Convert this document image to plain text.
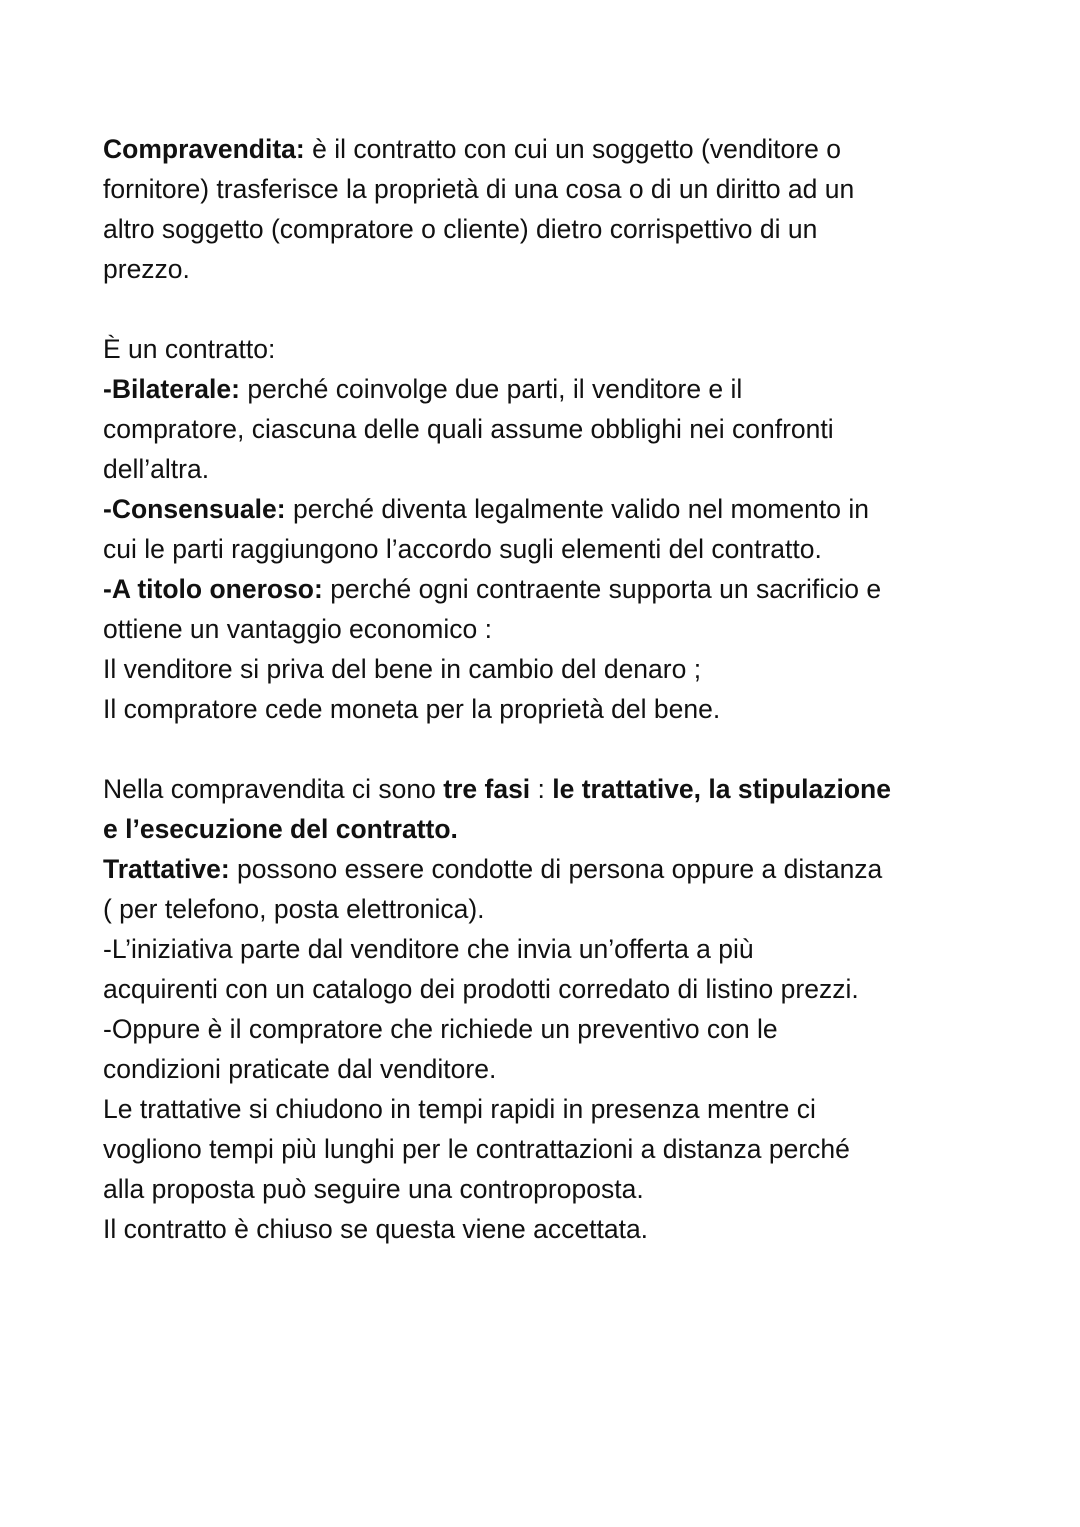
Compravendita: è il contratto con cui un soggetto (venditore o
fornitore) trasferisce la proprietà di una cosa o di un diritto ad un
altro soggetto (compratore o cliente) dietro corrispettivo di un
prezzo.
È un contratto:
-Bilaterale: perché coinvolge due parti, il venditore e il
compratore, ciascuna delle quali assume obblighi nei confronti
dell’altra.
-Consensuale: perché diventa legalmente valido nel momento in
cui le parti raggiungono l’accordo sugli elementi del contratto.
-A titolo oneroso: perché ogni contraente supporta un sacrificio e
ottiene un vantaggio economico :
Il venditore si priva del bene in cambio del denaro ;
Il compratore cede moneta per la proprietà del bene.
Nella compravendita ci sono tre fasi : le trattative, la stipulazione
e l’esecuzione del contratto.
Trattative: possono essere condotte di persona oppure a distanza
( per telefono, posta elettronica).
-L’iniziativa parte dal venditore che invia un’offerta a più
acquirenti con un catalogo dei prodotti corredato di listino prezzi.
-Oppure è il compratore che richiede un preventivo con le
condizioni praticate dal venditore.
Le trattative si chiudono in tempi rapidi in presenza mentre ci
vogliono tempi più lunghi per le contrattazioni a distanza perché
alla proposta può seguire una controproposta.
Il contratto è chiuso se questa viene accettata.
